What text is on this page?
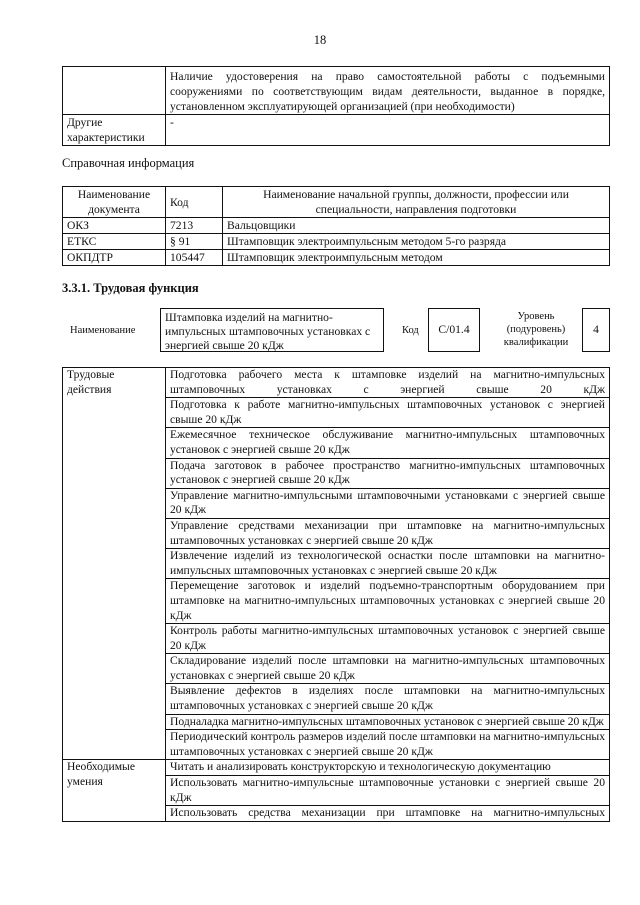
18
	Наличие удостоверения на право самостоятельной работы с подъемными сооружениями по соответствующим видам деятельности, выданное в порядке, установленном эксплуатирующей организацией (при необходимости)
Другие характеристики	-
Справочная информация
Наименование документа	Код	Наименование начальной группы, должности, профессии или специальности, направления подготовки
ОКЗ	7213	Вальцовщики
ЕТКС	§ 91	Штамповщик электроимпульсным методом 5-го разряда
ОКПДТР	105447	Штамповщик электроимпульсным методом
3.3.1. Трудовая функция
Наименование
Штамповка изделий на магнитно-импульсных штамповочных установках с энергией свыше 20 кДж
Код	C/01.4
Уровень (подуровень) квалификации
4
Трудовые действия	Подготовка рабочего места к штамповке изделий на магнитно-импульсных штамповочных установках с энергией свыше 20 кДж
	Подготовка к работе магнитно-импульсных штамповочных установок с энергией свыше 20 кДж
	Ежемесячное техническое обслуживание магнитно-импульсных штамповочных установок с энергией свыше 20 кДж
	Подача заготовок в рабочее пространство магнитно-импульсных штамповочных установок с энергией свыше 20 кДж
	Управление магнитно-импульсными штамповочными установками с энергией свыше 20 кДж
	Управление средствами механизации при штамповке на магнитно-импульсных штамповочных установках с энергией свыше 20 кДж
	Извлечение изделий из технологической оснастки после штамповки на магнитно-импульсных штамповочных установках с энергией свыше 20 кДж
	Перемещение заготовок и изделий подъемно-транспортным оборудованием при штамповке на магнитно-импульсных штамповочных установках с энергией свыше 20 кДж
	Контроль работы магнитно-импульсных штамповочных установок с энергией свыше 20 кДж
	Складирование изделий после штамповки на магнитно-импульсных штамповочных установках с энергией свыше 20 кДж
	Выявление дефектов в изделиях после штамповки на магнитно-импульсных штамповочных установках с энергией свыше 20 кДж
	Подналадка магнитно-импульсных штамповочных установок с энергией свыше 20 кДж
	Периодический контроль размеров изделий после штамповки на магнитно-импульсных штамповочных установках с энергией свыше 20 кДж
Необходимые умения	Читать и анализировать конструкторскую и технологическую документацию
	Использовать магнитно-импульсные штамповочные установки с энергией свыше 20 кДж
	Использовать средства механизации при штамповке на магнитно-импульсных
